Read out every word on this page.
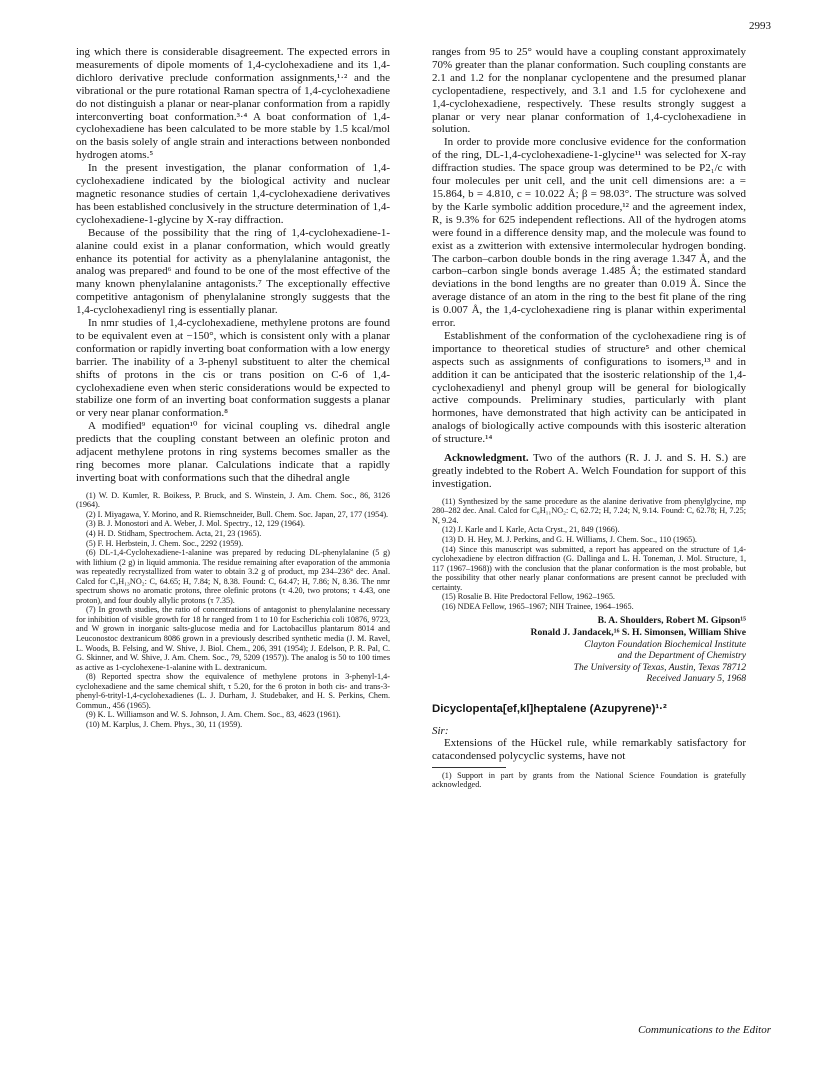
2993

ing which there is considerable disagreement. The expected errors in measurements of dipole moments of 1,4-cyclohexadiene and its 1,4-dichloro derivative preclude conformation assignments,¹·² and the vibrational or the pure rotational Raman spectra of 1,4-cyclohexadiene do not distinguish a planar or near-planar conformation from a rapidly interconverting boat conformation.³·⁴ A boat conformation of 1,4-cyclohexadiene has been calculated to be more stable by 1.5 kcal/mol on the basis solely of angle strain and interactions between nonbonded hydrogen atoms.⁵

In the present investigation, the planar conformation of 1,4-cyclohexadiene indicated by the biological activity and nuclear magnetic resonance studies of certain 1,4-cyclohexadiene derivatives has been established conclusively in the structure determination of 1,4-cyclohexadiene-1-glycine by X-ray diffraction.

Because of the possibility that the ring of 1,4-cyclohexadiene-1-alanine could exist in a planar conformation, which would greatly enhance its potential for activity as a phenylalanine antagonist, the analog was prepared⁶ and found to be one of the most effective of the many known phenylalanine antagonists.⁷ The exceptionally effective competitive antagonism of phenylalanine strongly suggests that the 1,4-cyclohexadienyl ring is essentially planar.

In nmr studies of 1,4-cyclohexadiene, methylene protons are found to be equivalent even at −150°, which is consistent only with a planar conformation or rapidly inverting boat conformation with a low energy barrier. The inability of a 3-phenyl substituent to alter the chemical shifts of protons in the cis or trans position on C-6 of 1,4-cyclohexadiene even when steric considerations would be expected to stabilize one form of an inverting boat conformation suggests a planar or very near planar conformation.⁸

A modified⁹ equation¹⁰ for vicinal coupling vs. dihedral angle predicts that the coupling constant between an olefinic proton and adjacent methylene protons in ring systems becomes smaller as the ring becomes more planar. Calculations indicate that a rapidly inverting boat with conformations such that the dihedral angle

(1) W. D. Kumler, R. Boikess, P. Bruck, and S. Winstein, J. Am. Chem. Soc., 86, 3126 (1964).

(2) I. Miyagawa, Y. Morino, and R. Riemschneider, Bull. Chem. Soc. Japan, 27, 177 (1954).

(3) B. J. Monostori and A. Weber, J. Mol. Spectry., 12, 129 (1964).

(4) H. D. Stidham, Spectrochem. Acta, 21, 23 (1965).

(5) F. H. Herbstein, J. Chem. Soc., 2292 (1959).

(6) DL-1,4-Cyclohexadiene-1-alanine was prepared by reducing DL-phenylalanine (5 g) with lithium (2 g) in liquid ammonia. The residue remaining after evaporation of the ammonia was repeatedly recrystallized from water to obtain 3.2 g of product, mp 234–236° dec. Anal. Calcd for C₉H₁₃NO₂: C, 64.65; H, 7.84; N, 8.38. Found: C, 64.47; H, 7.86; N, 8.36. The nmr spectrum shows no aromatic protons, three olefinic protons (τ 4.20, two protons; τ 4.43, one proton), and four doubly allylic protons (τ 7.35).

(7) In growth studies, the ratio of concentrations of antagonist to phenylalanine necessary for inhibition of visible growth for 18 hr ranged from 1 to 10 for Escherichia coli 10876, 9723, and W grown in inorganic salts-glucose media and for Lactobacillus plantarum 8014 and Leuconostoc dextranicum 8086 grown in a previously described synthetic media (J. M. Ravel, L. Woods, B. Felsing, and W. Shive, J. Biol. Chem., 206, 391 (1954); J. Edelson, P. R. Pal, C. G. Skinner, and W. Shive, J. Am. Chem. Soc., 79, 5209 (1957)). The analog is 50 to 100 times as active as 1-cyclohexene-1-alanine with L. dextranicum.

(8) Reported spectra show the equivalence of methylene protons in 3-phenyl-1,4-cyclohexadiene and the same chemical shift, τ 5.20, for the 6 proton in both cis- and trans-3-phenyl-6-trityl-1,4-cyclohexadienes (L. J. Durham, J. Studebaker, and H. S. Perkins, Chem. Commun., 456 (1965).

(9) K. L. Williamson and W. S. Johnson, J. Am. Chem. Soc., 83, 4623 (1961).

(10) M. Karplus, J. Chem. Phys., 30, 11 (1959).

ranges from 95 to 25° would have a coupling constant approximately 70% greater than the planar conformation. Such coupling constants are 2.1 and 1.2 for the nonplanar cyclopentene and the presumed planar cyclopentadiene, respectively, and 3.1 and 1.5 for cyclohexene and 1,4-cyclohexadiene, respectively. These results strongly suggest a planar or very near planar conformation of 1,4-cyclohexadiene in solution.

In order to provide more conclusive evidence for the conformation of the ring, DL-1,4-cyclohexadiene-1-glycine¹¹ was selected for X-ray diffraction studies. The space group was determined to be P2₁/c with four molecules per unit cell, and the unit cell dimensions are: a = 15.864, b = 4.810, c = 10.022 Å; β = 98.03°. The structure was solved by the Karle symbolic addition procedure,¹² and the agreement index, R, is 9.3% for 625 independent reflections. All of the hydrogen atoms were found in a difference density map, and the molecule was found to exist as a zwitterion with extensive intermolecular hydrogen bonding. The carbon–carbon double bonds in the ring average 1.347 Å, and the carbon–carbon single bonds average 1.485 Å; the estimated standard deviations in the bond lengths are no greater than 0.019 Å. Since the average distance of an atom in the ring to the best fit plane of the ring is 0.007 Å, the 1,4-cyclohexadiene ring is planar within experimental error.

Establishment of the conformation of the cyclohexadiene ring is of importance to theoretical studies of structure⁵ and other chemical aspects such as assignments of configurations to isomers,¹³ and in addition it can be anticipated that the isosteric relationship of the 1,4-cyclohexadienyl and phenyl group will be general for biologically active compounds. Preliminary studies, particularly with plant hormones, have demonstrated that high activity can be anticipated in analogs of biologically active compounds with this isosteric alteration of structure.¹⁴

Acknowledgment. Two of the authors (R. J. J. and S. H. S.) are greatly indebted to the Robert A. Welch Foundation for support of this investigation.

(11) Synthesized by the same procedure as the alanine derivative from phenylglycine, mp 280–282 dec. Anal. Calcd for C₈H₁₁NO₂: C, 62.72; H, 7.24; N, 9.14. Found: C, 62.78; H, 7.25; N, 9.24.

(12) J. Karle and I. Karle, Acta Cryst., 21, 849 (1966).

(13) D. H. Hey, M. J. Perkins, and G. H. Williams, J. Chem. Soc., 110 (1965).

(14) Since this manuscript was submitted, a report has appeared on the structure of 1,4-cyclohexadiene by electron diffraction (G. Dallinga and L. H. Toneman, J. Mol. Structure, 1, 117 (1967–1968)) with the conclusion that the planar conformation is the most probable, but the possibility that other nearly planar conformations are present cannot be precluded with certainty.

(15) Rosalie B. Hite Predoctoral Fellow, 1962–1965.

(16) NDEA Fellow, 1965–1967; NIH Trainee, 1964–1965.

B. A. Shoulders, Robert M. Gipson¹⁵
Ronald J. Jandacek,¹⁶ S. H. Simonsen, William Shive
Clayton Foundation Biochemical Institute
and the Department of Chemistry
The University of Texas, Austin, Texas 78712
Received January 5, 1968
Dicyclopenta[ef,kl]heptalene (Azupyrene)¹·²
Sir:

Extensions of the Hückel rule, while remarkably satisfactory for catacondensed polycyclic systems, have not

(1) Support in part by grants from the National Science Foundation is gratefully acknowledged.

Communications to the Editor
